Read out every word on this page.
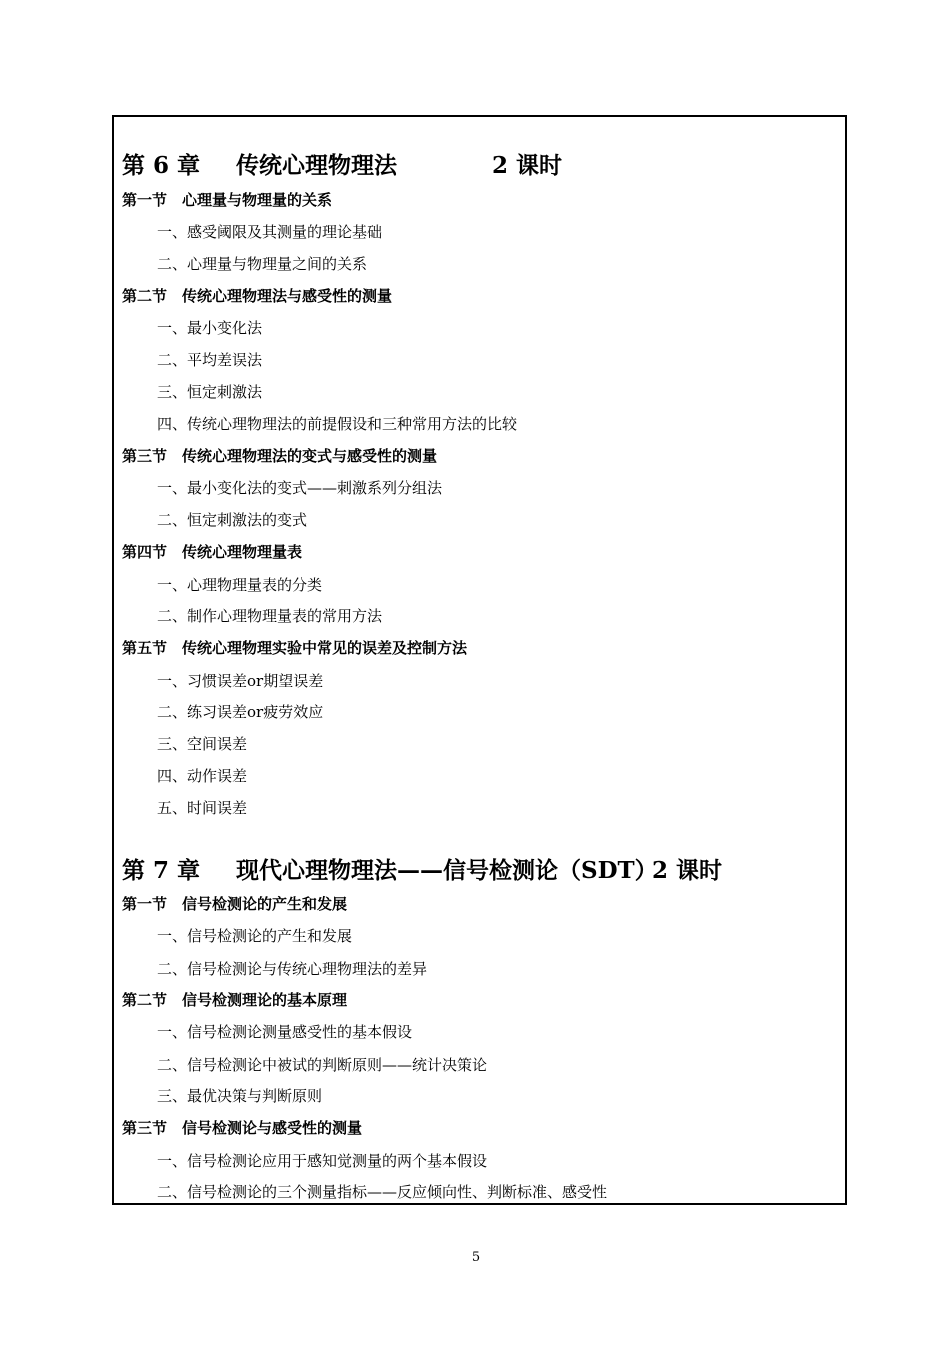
第 6 章 传统心理物理法	2 课时
第一节　心理量与物理量的关系
一、感受阈限及其测量的理论基础
二、心理量与物理量之间的关系
第二节　传统心理物理法与感受性的测量
一、最小变化法
二、平均差误法
三、恒定刺激法
四、传统心理物理法的前提假设和三种常用方法的比较
第三节　传统心理物理法的变式与感受性的测量
一、最小变化法的变式——刺激系列分组法
二、恒定刺激法的变式
第四节　传统心理物理量表
一、心理物理量表的分类
二、制作心理物理量表的常用方法
第五节　传统心理物理实验中常见的误差及控制方法
一、习惯误差or期望误差
二、练习误差or疲劳效应
三、空间误差
四、动作误差
五、时间误差
第 7 章 现代心理物理法——信号检测论（SDT）2 课时
第一节　信号检测论的产生和发展
一、信号检测论的产生和发展
二、信号检测论与传统心理物理法的差异
第二节　信号检测理论的基本原理
一、信号检测论测量感受性的基本假设
二、信号检测论中被试的判断原则——统计决策论
三、最优决策与判断原则
第三节　信号检测论与感受性的测量
一、信号检测论应用于感知觉测量的两个基本假设
二、信号检测论的三个测量指标——反应倾向性、判断标准、感受性
5
